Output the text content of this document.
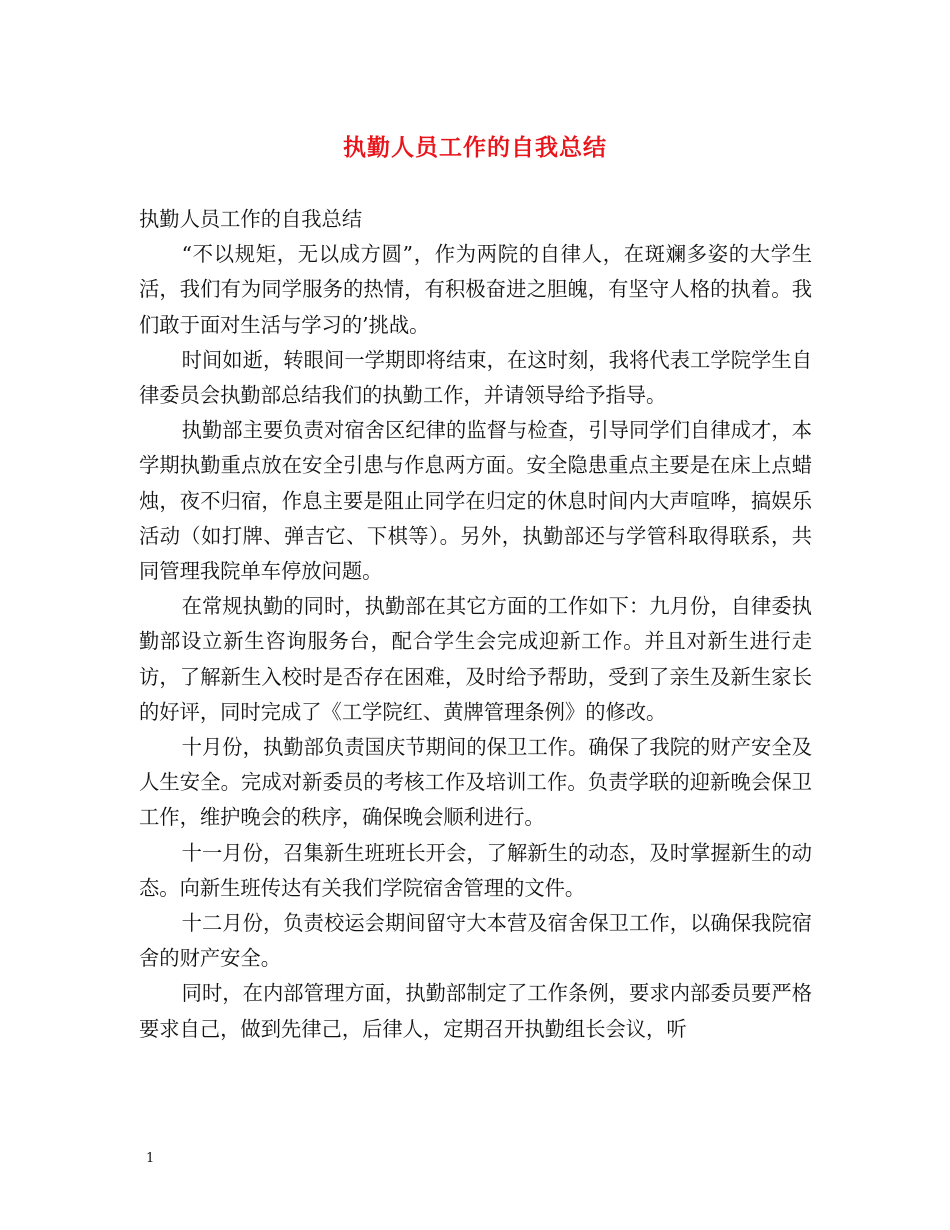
执勤人员工作的自我总结

执勤人员工作的自我总结

“不以规矩，无以成方圆”，作为两院的自律人，在斑斓多姿的大学生活，我们有为同学服务的热情，有积极奋进之胆魄，有坚守人格的执着。我们敢于面对生活与学习的’挑战。

时间如逝，转眼间一学期即将结束，在这时刻，我将代表工学院学生自律委员会执勤部总结我们的执勤工作，并请领导给予指导。

执勤部主要负责对宿舍区纪律的监督与检查，引导同学们自律成才，本学期执勤重点放在安全引患与作息两方面。安全隐患重点主要是在床上点蜡烛，夜不归宿，作息主要是阻止同学在归定的休息时间内大声喧哗，搞娱乐活动（如打牌、弹吉它、下棋等）。另外，执勤部还与学管科取得联系，共同管理我院单车停放问题。

在常规执勤的同时，执勤部在其它方面的工作如下：九月份，自律委执勤部设立新生咨询服务台，配合学生会完成迎新工作。并且对新生进行走访，了解新生入校时是否存在困难，及时给予帮助，受到了亲生及新生家长的好评，同时完成了《工学院红、黄牌管理条例》的修改。

十月份，执勤部负责国庆节期间的保卫工作。确保了我院的财产安全及人生安全。完成对新委员的考核工作及培训工作。负责学联的迎新晚会保卫工作，维护晚会的秩序，确保晚会顺利进行。

十一月份，召集新生班班长开会，了解新生的动态，及时掌握新生的动态。向新生班传达有关我们学院宿舍管理的文件。

十二月份，负责校运会期间留守大本营及宿舍保卫工作，以确保我院宿舍的财产安全。

同时，在内部管理方面，执勤部制定了工作条例，要求内部委员要严格要求自己，做到先律己，后律人，定期召开执勤组长会议，听

1
